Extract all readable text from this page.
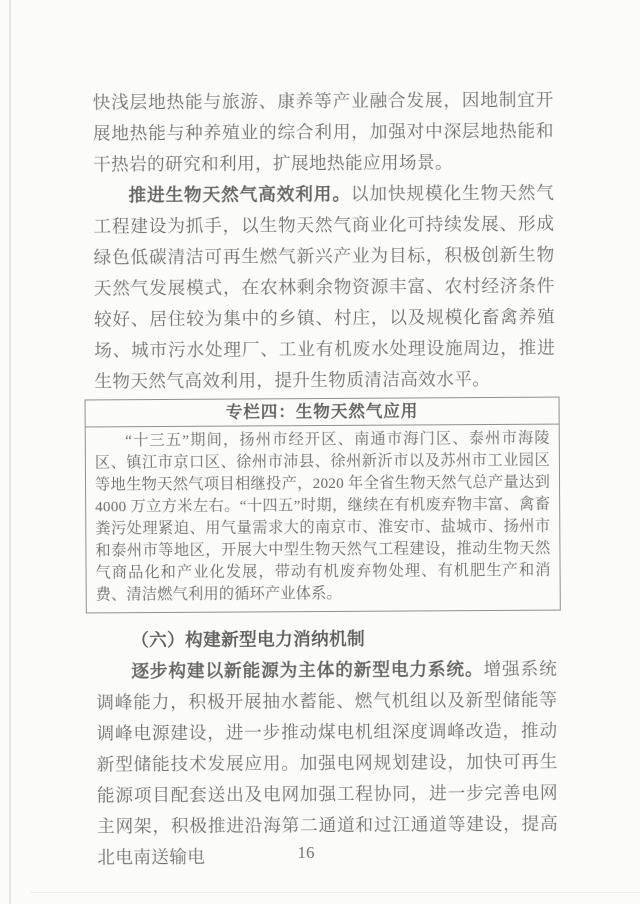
快浅层地热能与旅游、康养等产业融合发展，因地制宜开展地热能与种养殖业的综合利用，加强对中深层地热能和干热岩的研究和利用，扩展地热能应用场景。

推进生物天然气高效利用。以加快规模化生物天然气工程建设为抓手，以生物天然气商业化可持续发展、形成绿色低碳清洁可再生燃气新兴产业为目标，积极创新生物天然气发展模式，在农林剩余物资源丰富、农村经济条件较好、居住较为集中的乡镇、村庄，以及规模化畜禽养殖场、城市污水处理厂、工业有机废水处理设施周边，推进生物天然气高效利用，提升生物质清洁高效水平。

专栏四：生物天然气应用
“十三五”期间，扬州市经开区、南通市海门区、泰州市海陵区、镇江市京口区、徐州市沛县、徐州新沂市以及苏州市工业园区等地生物天然气项目相继投产，2020 年全省生物天然气总产量达到 4000 万立方米左右。“十四五”时期，继续在有机废弃物丰富、禽畜粪污处理紧迫、用气量需求大的南京市、淮安市、盐城市、扬州市和泰州市等地区，开展大中型生物天然气工程建设，推动生物天然气商品化和产业化发展，带动有机废弃物处理、有机肥生产和消费、清洁燃气利用的循环产业体系。

（六）构建新型电力消纳机制

逐步构建以新能源为主体的新型电力系统。增强系统调峰能力，积极开展抽水蓄能、燃气机组以及新型储能等调峰电源建设，进一步推动煤电机组深度调峰改造，推动新型储能技术发展应用。加强电网规划建设，加快可再生能源项目配套送出及电网加强工程协同，进一步完善电网主网架，积极推进沿海第二通道和过江通道等建设，提高北电南送输电	16
